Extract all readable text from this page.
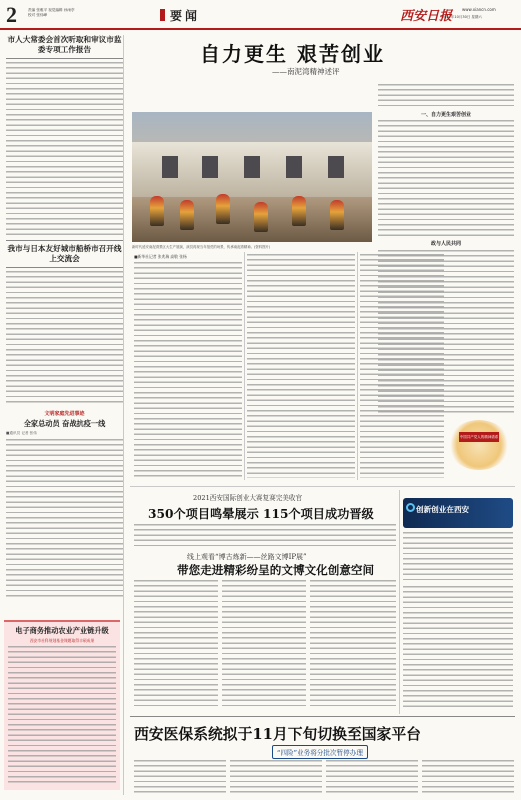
2	责编 张雅平 视觉编辑 孙雨亭
校对 张伟峰	要闻	西安日报 www.xiancn.com
2021年10月30日 星期六
市人大常委会首次听取和审议市监委专项工作报告
我市与日本友好城市船桥市召开线上交流会
文明家庭先进事迹
全家总动员 奋战抗疫一线
■通讯员 记者 张伟
电子商务推动农业产业链升级
西安市社科规划基金课题取得丰硕成果
自力更生 艰苦创业
——南泥湾精神述评
新时代延安南泥湾景区大生产展演，演员再现当年垦荒的场景，传承南泥湾精神。(资料图片)
一、自力更生艰苦创业
政与人民共同
■新华社记者 张兆瑞 高敬 张杨
中国共产党人的精神谱系
2021西安国际创业大赛复赛完美收官
350个项目鸣晕展示 115个项目成功晋级	创新创业在西安
线上观看“博古炼新——丝路文博IP展”
带您走进精彩纷呈的文博文化创意空间
西安医保系统拟于11月下旬切换至国家平台
“四险”业务将分批次暂停办理
